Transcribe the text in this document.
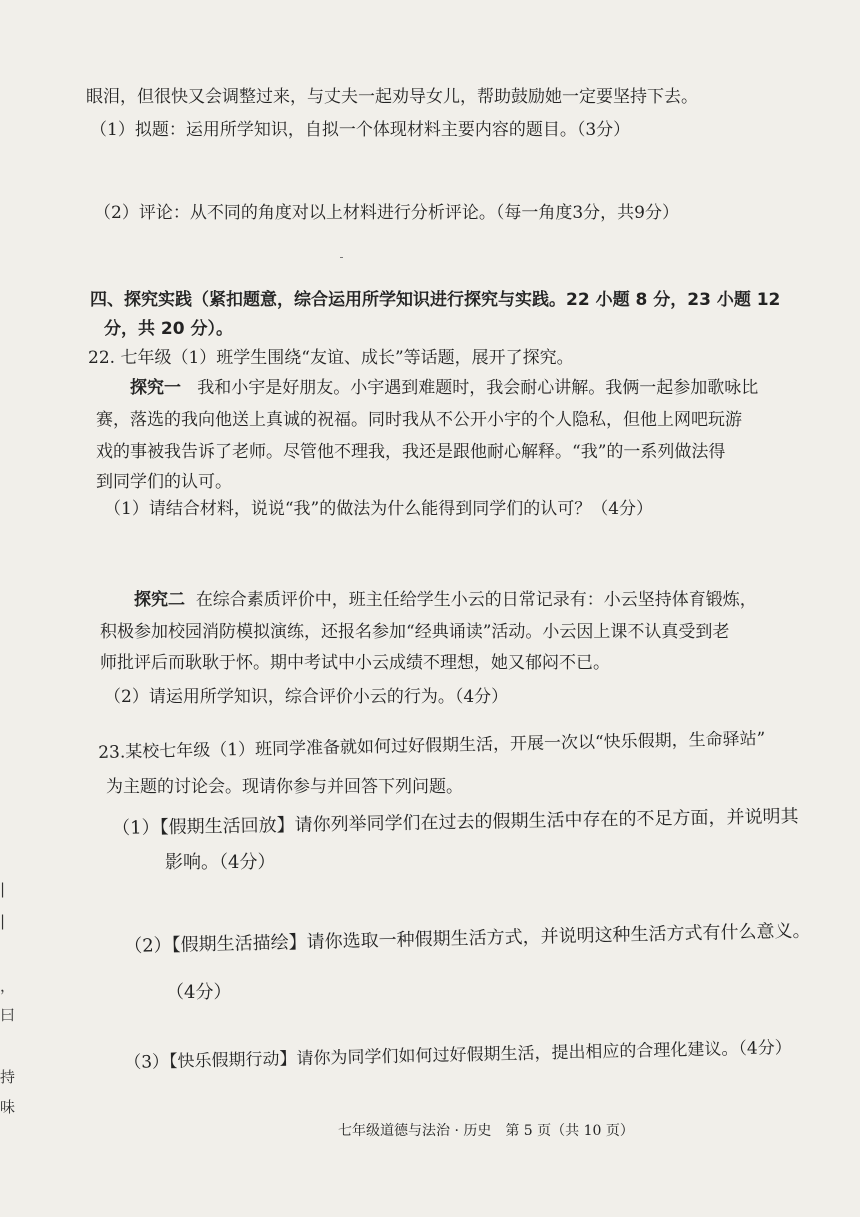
眼泪，但很快又会调整过来，与丈夫一起劝导女儿，帮助鼓励她一定要坚持下去。
（1）拟题：运用所学知识，自拟一个体现材料主要内容的题目。（3分）
（2）评论：从不同的角度对以上材料进行分析评论。（每一角度3分，共9分）
四、探究实践（紧扣题意，综合运用所学知识进行探究与实践。22 小题 8 分，23 小题 12
分，共 20 分）。
22. 七年级（1）班学生围绕“友谊、成长”等话题，展开了探究。
探究一 我和小宇是好朋友。小宇遇到难题时，我会耐心讲解。我俩一起参加歌咏比
赛，落选的我向他送上真诚的祝福。同时我从不公开小宇的个人隐私，但他上网吧玩游
戏的事被我告诉了老师。尽管他不理我，我还是跟他耐心解释。“我”的一系列做法得
到同学们的认可。
（1）请结合材料，说说“我”的做法为什么能得到同学们的认可？（4分）
探究二 在综合素质评价中，班主任给学生小云的日常记录有：小云坚持体育锻炼，
积极参加校园消防模拟演练，还报名参加“经典诵读”活动。小云因上课不认真受到老
师批评后而耿耿于怀。期中考试中小云成绩不理想，她又郁闷不已。
（2）请运用所学知识，综合评价小云的行为。（4分）
23.某校七年级（1）班同学准备就如何过好假期生活，开展一次以“快乐假期，生命驿站”
为主题的讨论会。现请你参与并回答下列问题。
（1）【假期生活回放】请你列举同学们在过去的假期生活中存在的不足方面，并说明其
影响。（4分）
（2）【假期生活描绘】请你选取一种假期生活方式，并说明这种生活方式有什么意义。
（4分）
（3）【快乐假期行动】请你为同学们如何过好假期生活，提出相应的合理化建议。（4分）
七年级道德与法治 · 历史　第 5 页（共 10 页）
|
|
，
曰
持
味
